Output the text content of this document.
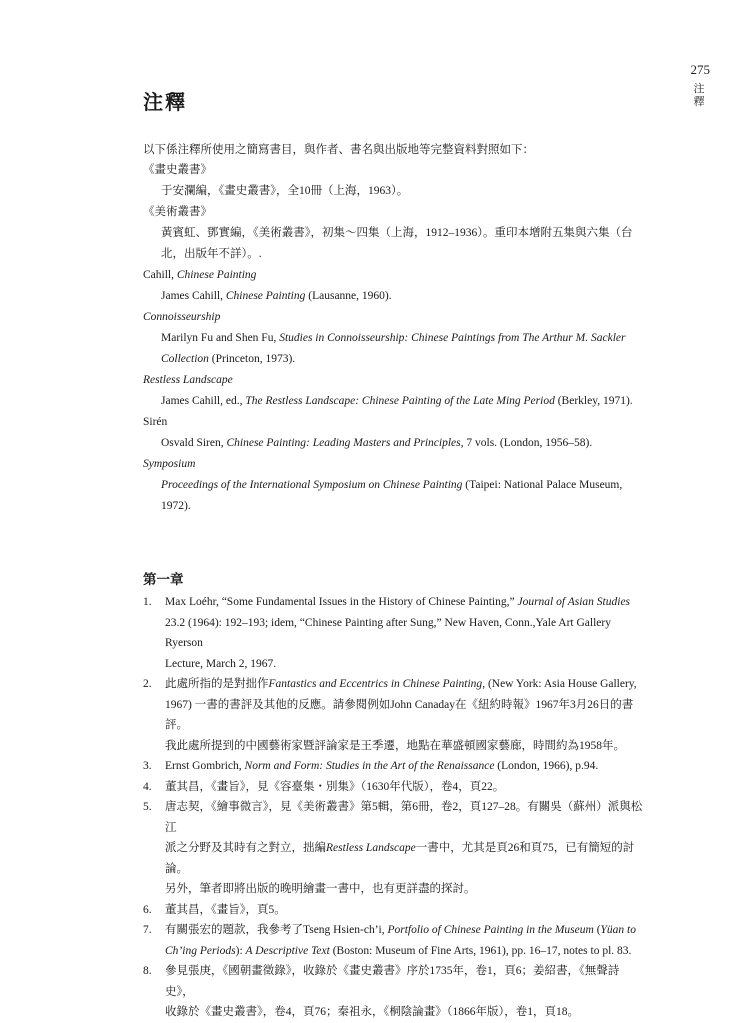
275
注釋
注釋
以下係注釋所使用之簡寫書目，與作者、書名與出版地等完整資料對照如下：
《畫史叢書》
于安瀾編，《畫史叢書》，全10冊（上海，1963）。
《美術叢書》
黃賓虹、鄧實編，《美術叢書》，初集～四集（上海，1912–1936）。重印本增附五集與六集（台
北，出版年不詳）。.
Cahill, Chinese Painting
James Cahill, Chinese Painting (Lausanne, 1960).
Connoisseurship
Marilyn Fu and Shen Fu, Studies in Connoisseurship: Chinese Paintings from The Arthur M. Sackler
Collection (Princeton, 1973).
Restless Landscape
James Cahill, ed., The Restless Landscape: Chinese Painting of the Late Ming Period (Berkley, 1971).
Sirén
Osvald Siren, Chinese Painting: Leading Masters and Principles, 7 vols. (London, 1956–58).
Symposium
Proceedings of the International Symposium on Chinese Painting (Taipei: National Palace Museum, 1972).
第一章
1. Max Loéhr, “Some Fundamental Issues in the History of Chinese Painting,” Journal of Asian Studies
23.2 (1964): 192–193; idem, “Chinese Painting after Sung,” New Haven, Conn.,Yale Art Gallery Ryerson
Lecture, March 2, 1967.
2. 此處所指的是對拙作Fantastics and Eccentrics in Chinese Painting, (New York: Asia House Gallery,
1967) 一書的書評及其他的反應。請參閱例如John Canaday在《紐約時報》1967年3月26日的書評。
我此處所提到的中國藝術家暨評論家是王季遷，地點在華盛頓國家藝廊，時間約為1958年。
3. Ernst Gombrich, Norm and Form: Studies in the Art of the Renaissance (London, 1966), p.94.
4. 董其昌，《畫旨》，見《容臺集・別集》（1630年代版），卷4，頁22。
5. 唐志契，《繪事微言》，見《美術叢書》第5輯，第6冊，卷2，頁127–28。有關吳（蘇州）派與松江
派之分野及其時有之對立，拙編Restless Landscape一書中，尤其是頁26和頁75，已有簡短的討論。
另外，筆者即將出版的晚明繪畫一書中，也有更詳盡的探討。
6. 董其昌，《畫旨》，頁5。
7. 有關張宏的題款，我參考了Tseng Hsien-ch’i, Portfolio of Chinese Painting in the Museum (Yüan to
Ch’ing Periods): A Descriptive Text (Boston: Museum of Fine Arts, 1961), pp. 16–17, notes to pl. 83.
8. 參見張庚，《國朝畫徵錄》，收錄於《畫史叢書》序於1735年，卷1，頁6；姜紹書，《無聲詩史》，
收錄於《畫史叢書》，卷4，頁76；秦祖永，《桐陰論畫》（1866年版），卷1，頁18。
